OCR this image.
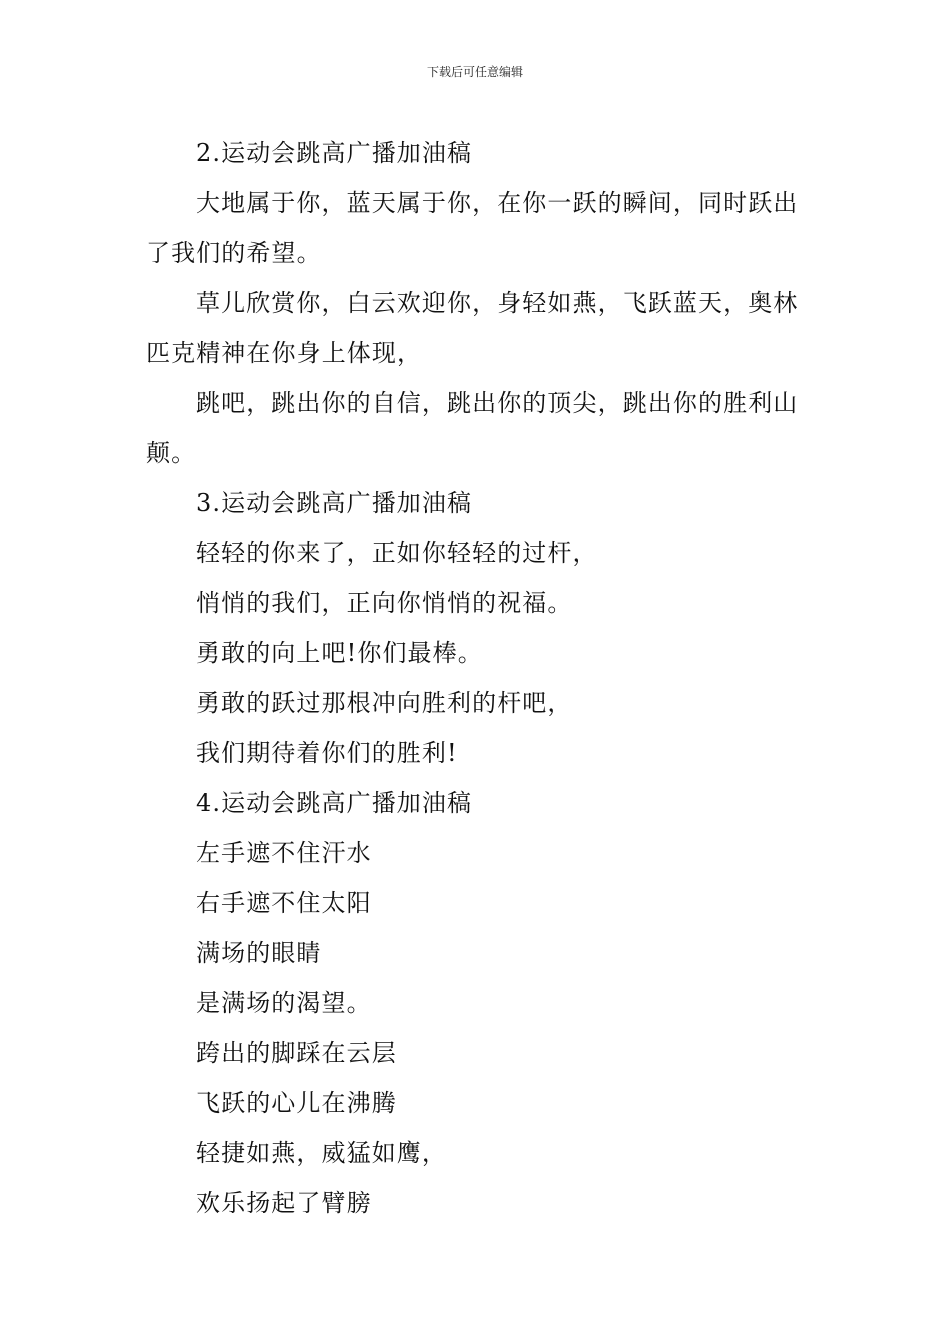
下载后可任意编辑

2.运动会跳高广播加油稿

大地属于你，蓝天属于你，在你一跃的瞬间，同时跃出了我们的希望。

草儿欣赏你，白云欢迎你，身轻如燕，飞跃蓝天，奥林匹克精神在你身上体现，

跳吧，跳出你的自信，跳出你的顶尖，跳出你的胜利山颠。

3.运动会跳高广播加油稿

轻轻的你来了，正如你轻轻的过杆，

悄悄的我们，正向你悄悄的祝福。

勇敢的向上吧!你们最棒。

勇敢的跃过那根冲向胜利的杆吧，

我们期待着你们的胜利!

4.运动会跳高广播加油稿

左手遮不住汗水

右手遮不住太阳

满场的眼睛

是满场的渴望。

跨出的脚踩在云层

飞跃的心儿在沸腾

轻捷如燕，威猛如鹰，

欢乐扬起了臂膀
